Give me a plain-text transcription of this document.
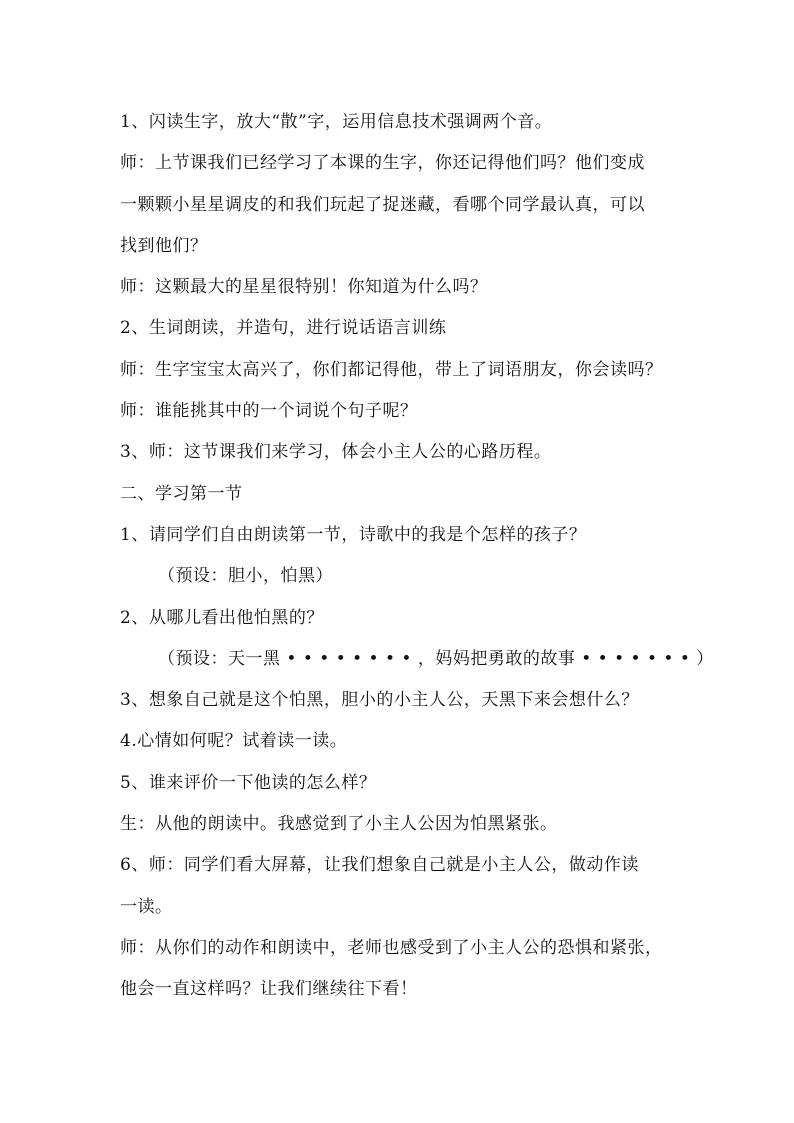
1、闪读生字，放大“散”字，运用信息技术强调两个音。
师：上节课我们已经学习了本课的生字，你还记得他们吗？他们变成
一颗颗小星星调皮的和我们玩起了捉迷藏，看哪个同学最认真，可以
找到他们？
师：这颗最大的星星很特别！你知道为什么吗？
2、生词朗读，并造句，进行说话语言训练
师：生字宝宝太高兴了，你们都记得他，带上了词语朋友，你会读吗？
师：谁能挑其中的一个词说个句子呢？
3、师：这节课我们来学习，体会小主人公的心路历程。
二、学习第一节
1、请同学们自由朗读第一节，诗歌中的我是个怎样的孩子？
（预设：胆小，怕黑）
2、从哪儿看出他怕黑的？
（预设：天一黑 • • • • • • • • ，妈妈把勇敢的故事 • • • • • • • ）
3、想象自己就是这个怕黑，胆小的小主人公，天黑下来会想什么？
4.心情如何呢？试着读一读。
5、谁来评价一下他读的怎么样？
生：从他的朗读中。我感觉到了小主人公因为怕黑紧张。
6、师：同学们看大屏幕，让我们想象自己就是小主人公，做动作读
一读。
师：从你们的动作和朗读中，老师也感受到了小主人公的恐惧和紧张，
他会一直这样吗？让我们继续往下看！
